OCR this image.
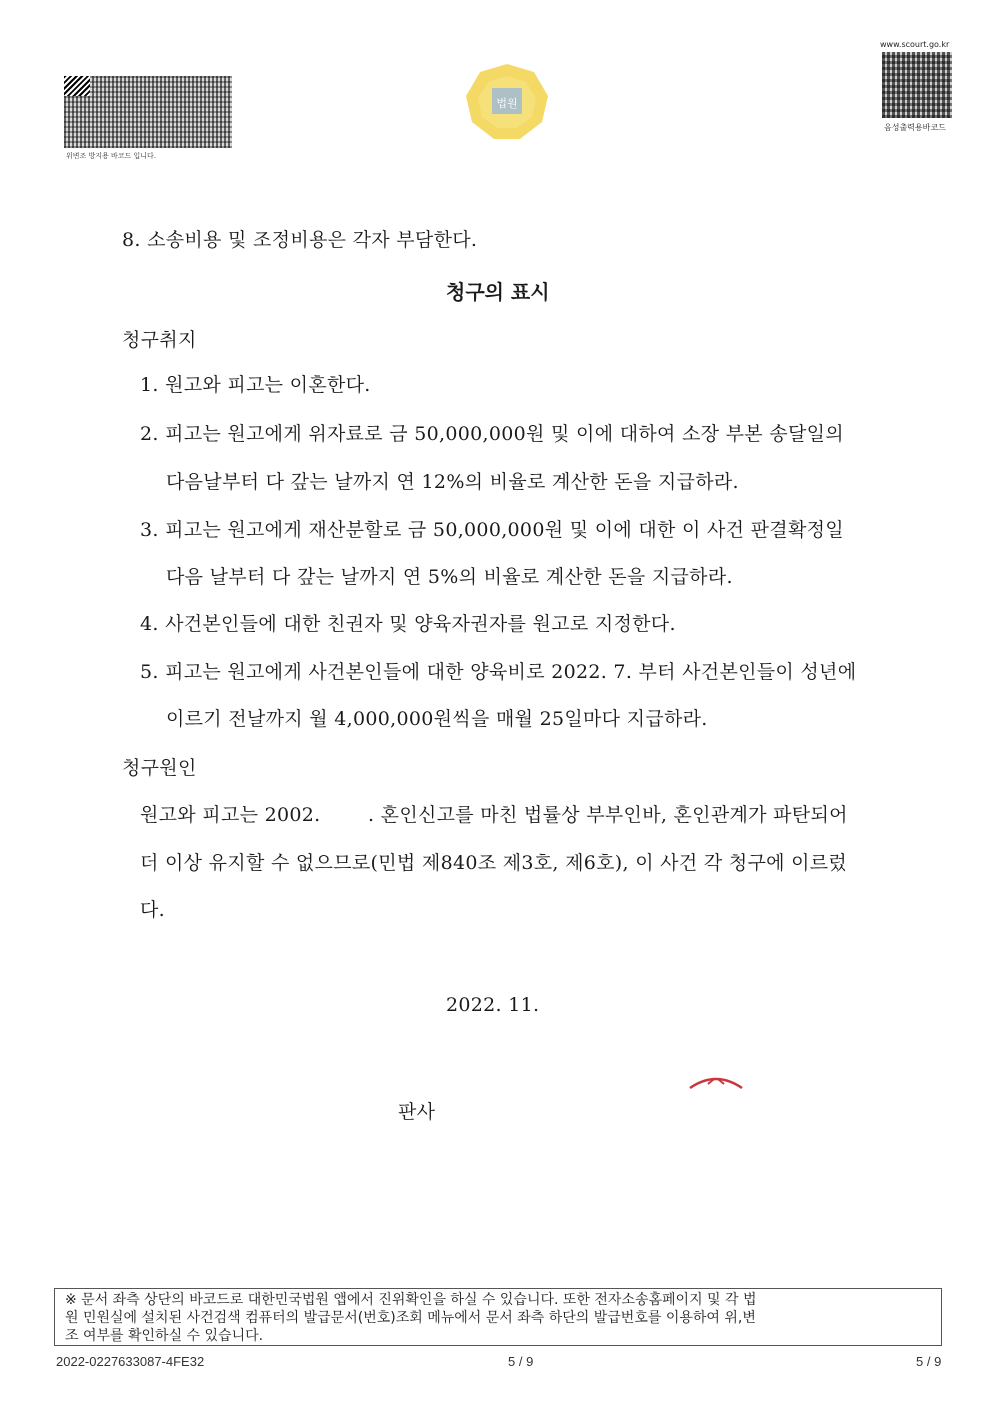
위변조 방지용 바코드 입니다.
법원
www.scourt.go.kr
음성출력용바코드
8. 소송비용 및 조정비용은 각자 부담한다.
청구의 표시
청구취지
1. 원고와 피고는 이혼한다.
2. 피고는 원고에게 위자료로 금 50,000,000원 및 이에 대하여 소장 부본 송달일의
다음날부터 다 갚는 날까지 연 12%의 비율로 계산한 돈을 지급하라.
3. 피고는 원고에게 재산분할로 금 50,000,000원 및 이에 대한 이 사건 판결확정일
다음 날부터 다 갚는 날까지 연 5%의 비율로 계산한 돈을 지급하라.
4. 사건본인들에 대한 친권자 및 양육자권자를 원고로 지정한다.
5. 피고는 원고에게 사건본인들에 대한 양육비로 2022. 7. 부터 사건본인들이 성년에
이르기 전날까지 월 4,000,000원씩을 매월 25일마다 지급하라.
청구원인
원고와 피고는 2002.	. 혼인신고를 마친 법률상 부부인바, 혼인관계가 파탄되어
더 이상 유지할 수 없으므로(민법 제840조 제3호, 제6호), 이 사건 각 청구에 이르렀
다.
2022. 11.
판사
※ 문서 좌측 상단의 바코드로 대한민국법원 앱에서 진위확인을 하실 수 있습니다. 또한 전자소송홈페이지 및 각 법
원 민원실에 설치된 사건검색 컴퓨터의 발급문서(번호)조회 메뉴에서 문서 좌측 하단의 발급번호를 이용하여 위,변
조 여부를 확인하실 수 있습니다.
2022-0227633087-4FE32	5 / 9	5 / 9
